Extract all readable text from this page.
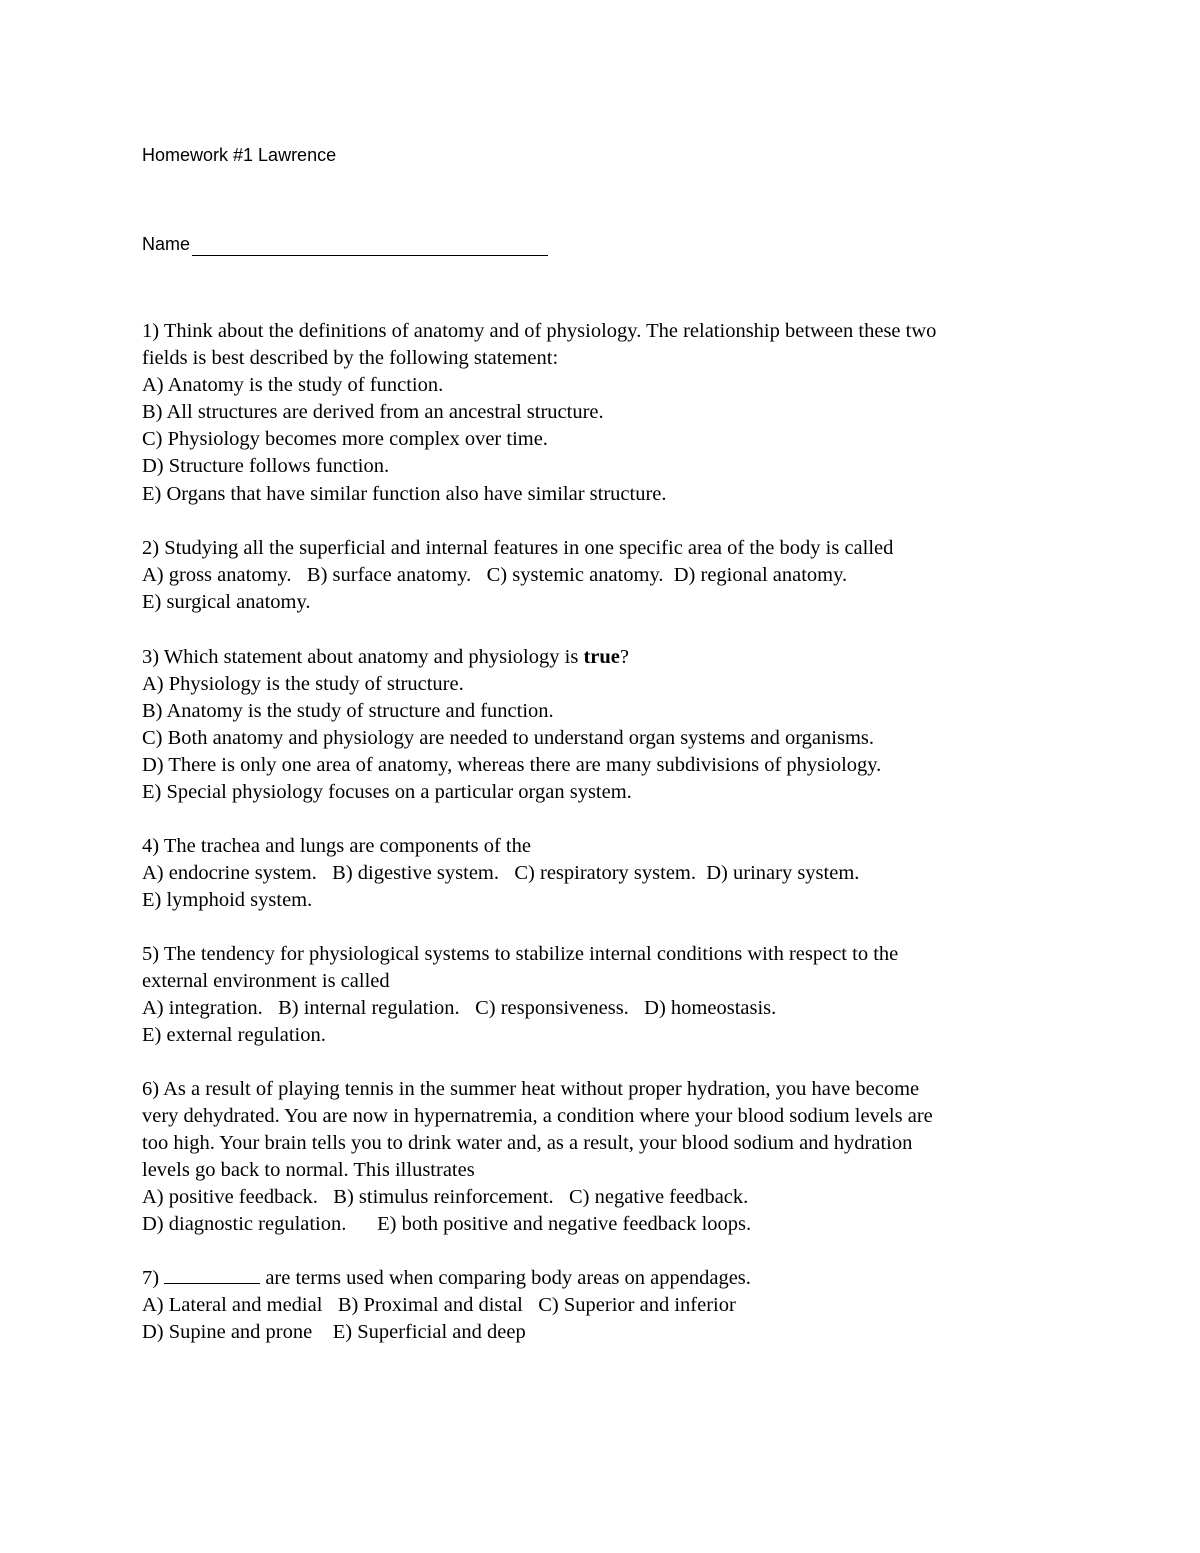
Homework #1 Lawrence
Name
1) Think about the definitions of anatomy and of physiology. The relationship between these two
fields is best described by the following statement:
A) Anatomy is the study of function.
B) All structures are derived from an ancestral structure.
C) Physiology becomes more complex over time.
D) Structure follows function.
E) Organs that have similar function also have similar structure.
2) Studying all the superficial and internal features in one specific area of the body is called
A) gross anatomy. B) surface anatomy. C) systemic anatomy. D) regional anatomy.
E) surgical anatomy.
3) Which statement about anatomy and physiology is true?
A) Physiology is the study of structure.
B) Anatomy is the study of structure and function.
C) Both anatomy and physiology are needed to understand organ systems and organisms.
D) There is only one area of anatomy, whereas there are many subdivisions of physiology.
E) Special physiology focuses on a particular organ system.
4) The trachea and lungs are components of the
A) endocrine system. B) digestive system. C) respiratory system. D) urinary system.
E) lymphoid system.
5) The tendency for physiological systems to stabilize internal conditions with respect to the
external environment is called
A) integration. B) internal regulation. C) responsiveness. D) homeostasis.
E) external regulation.
6) As a result of playing tennis in the summer heat without proper hydration, you have become
very dehydrated. You are now in hypernatremia, a condition where your blood sodium levels are
too high. Your brain tells you to drink water and, as a result, your blood sodium and hydration
levels go back to normal. This illustrates
A) positive feedback. B) stimulus reinforcement. C) negative feedback.
D) diagnostic regulation. E) both positive and negative feedback loops.
7)	are terms used when comparing body areas on appendages.
A) Lateral and medial B) Proximal and distal C) Superior and inferior
D) Supine and prone E) Superficial and deep
